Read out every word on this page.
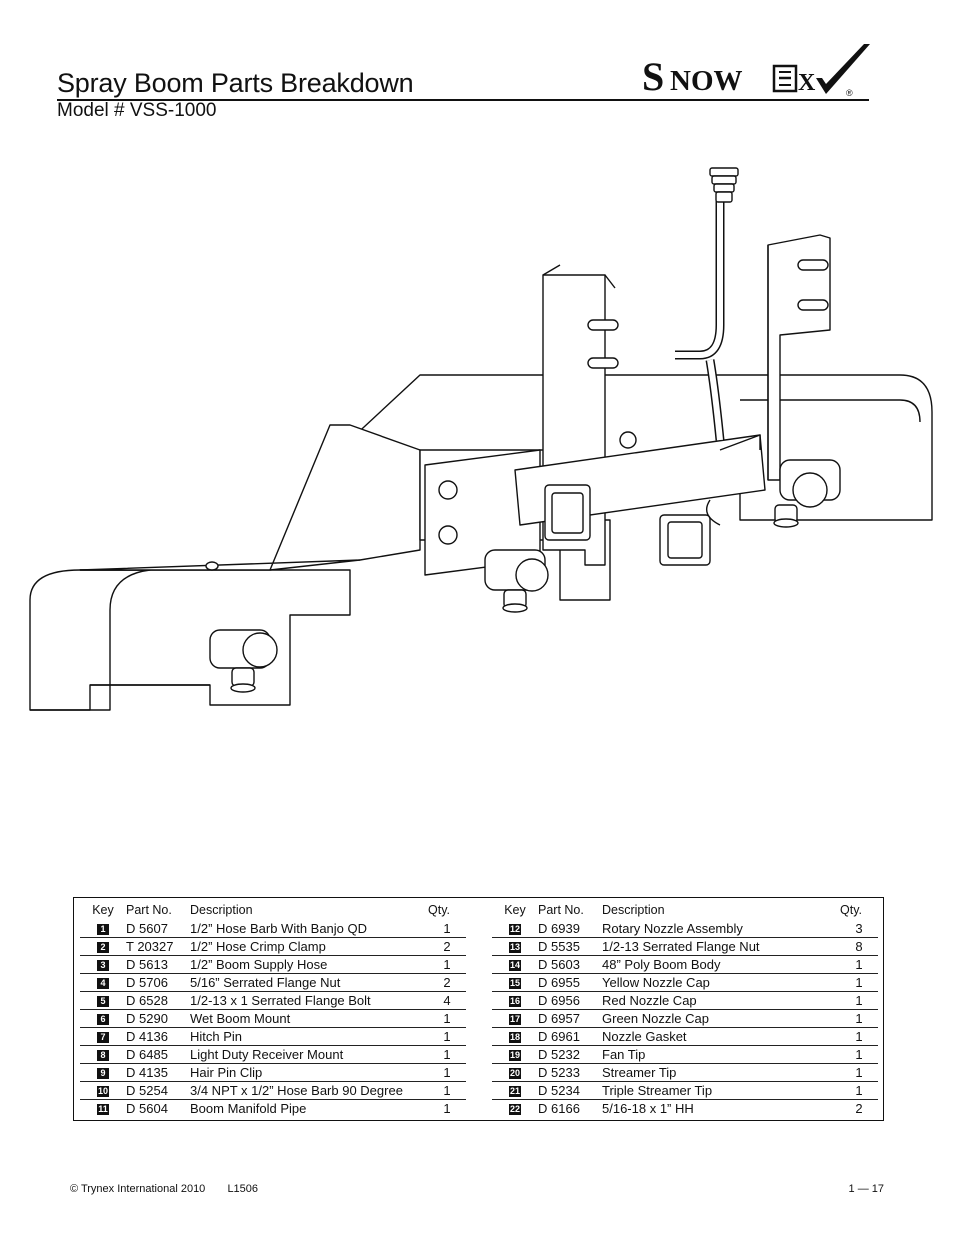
Spray Boom Parts Breakdown
Model # VSS-1000
S NOW X	®
Key	Part No.	Description	Qty.
1	D 5607	1/2” Hose Barb With Banjo QD	1
2	T 20327	1/2” Hose Crimp Clamp	2
3	D 5613	1/2” Boom Supply Hose	1
4	D 5706	5/16” Serrated Flange Nut	2
5	D 6528	1/2-13 x 1 Serrated Flange Bolt	4
6	D 5290	Wet Boom Mount	1
7	D 4136	Hitch Pin	1
8	D 6485	Light Duty Receiver Mount	1
9	D 4135	Hair Pin Clip	1
10	D 5254	3/4 NPT x 1/2” Hose Barb 90 Degree	1
11	D 5604	Boom Manifold Pipe	1
Key	Part No.	Description	Qty.
12	D 6939	Rotary Nozzle Assembly	3
13	D 5535	1/2-13 Serrated Flange Nut	8
14	D 5603	48” Poly Boom Body	1
15	D 6955	Yellow Nozzle Cap	1
16	D 6956	Red Nozzle Cap	1
17	D 6957	Green Nozzle Cap	1
18	D 6961	Nozzle Gasket	1
19	D 5232	Fan Tip	1
20	D 5233	Streamer Tip	1
21	D 5234	Triple Streamer Tip	1
22	D 6166	5/16-18 x 1” HH	2
© Trynex International 2010 L1506	1 — 17
